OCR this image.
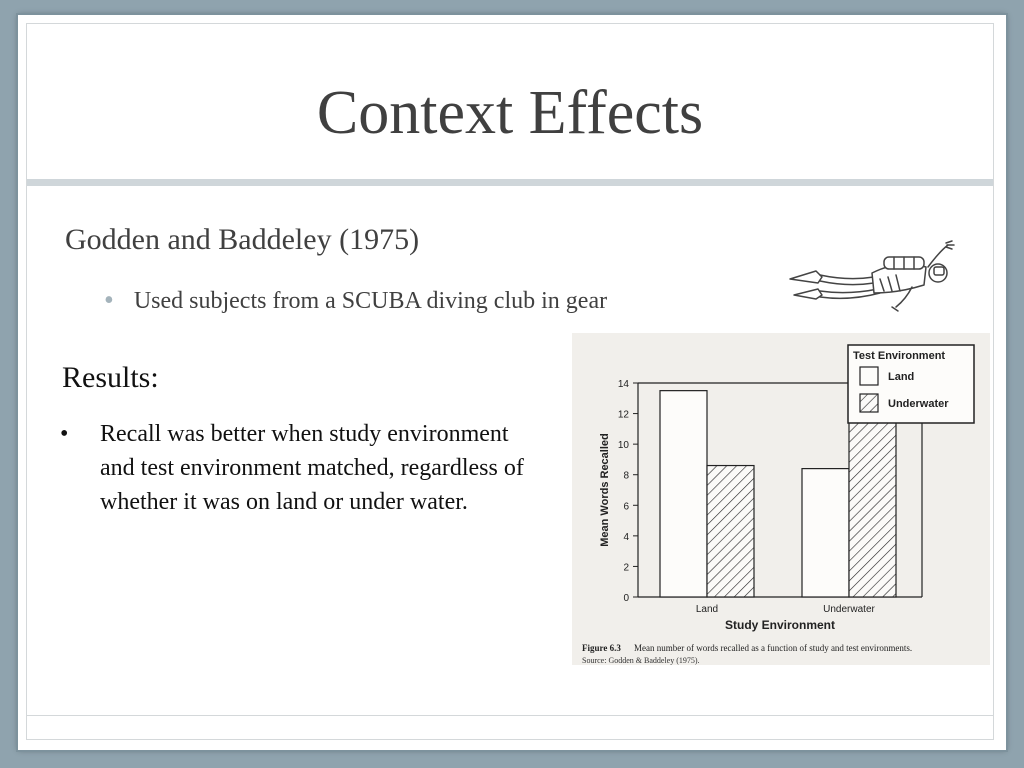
Context Effects
Godden and Baddeley (1975)
• Used subjects from a SCUBA diving club in gear
Results:
•	Recall was better when study environment and test environment matched, regardless of whether it was on land or under water.
0
2
4
6
8
10
12
14
Mean Words Recalled
Land	Underwater
Study Environment
Test Environment
Land
Underwater
Figure 6.3 Mean number of words recalled as a function of study and test environments.
Source: Godden & Baddeley (1975).
